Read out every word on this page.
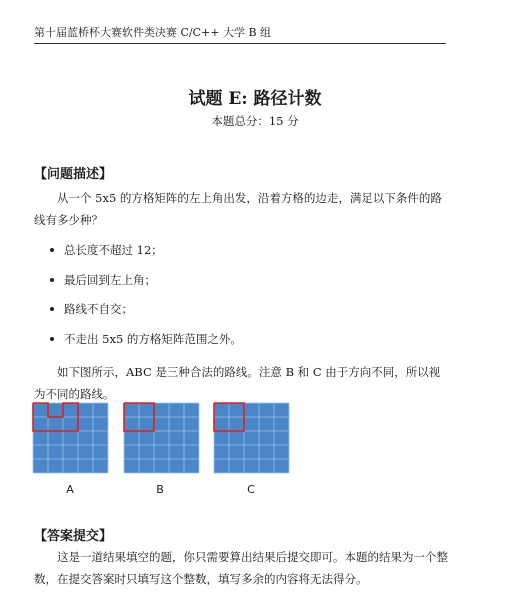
第十届蓝桥杯大赛软件类决赛 C/C++ 大学 B 组
试题 E: 路径计数
本题总分：15 分
【问题描述】

从一个 5x5 的方格矩阵的左上角出发，沿着方格的边走，满足以下条件的路线有多少种？

总长度不超过 12；
最后回到左上角；
路线不自交；
不走出 5x5 的方格矩阵范围之外。

如下图所示，ABC 是三种合法的路线。注意 B 和 C 由于方向不同，所以视为不同的路线。

A	B	C
【答案提交】

这是一道结果填空的题，你只需要算出结果后提交即可。本题的结果为一个整数，在提交答案时只填写这个整数，填写多余的内容将无法得分。
